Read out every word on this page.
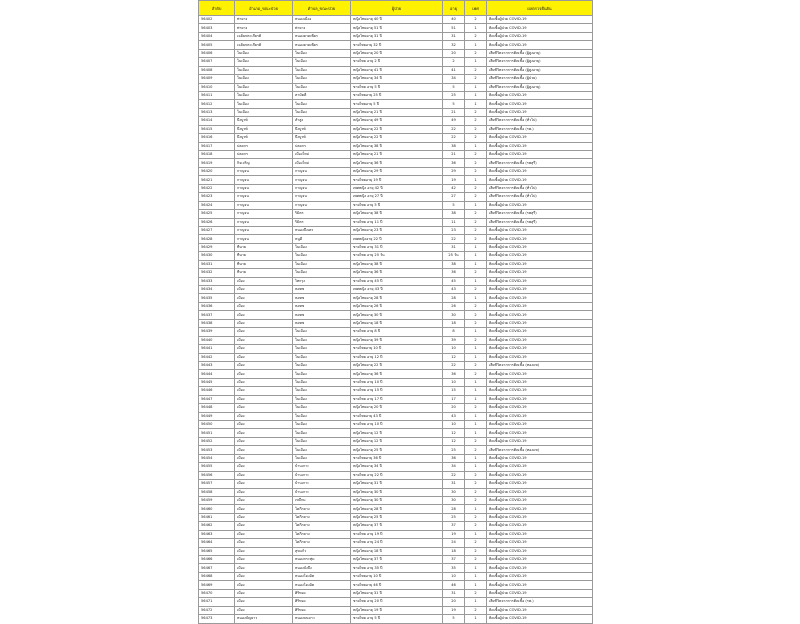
ลำดับ	อำเภอ_ขณะป่วย	ตำบล_ขณะป่วย	ผู้ป่วย	อายุ	เพศ	ผลตรวจยืนยัน
56402	ท่ายาง	หนองเมือง	หญิงไทยอายุ 40 ปี	40	2	ติดเชื้อผู้ป่วย COVID-19
56403	ท่ายาง	ท่ายาง	หญิงไทยอายุ 51 ปี	51	1	ติดเชื้อผู้ป่วย COVID-19
56404	เฉลิมพระเกียรติ	หนองยาดเพียร	หญิงไทยอายุ 31 ปี	31	2	ติดเชื้อผู้ป่วย COVID-19
56405	เฉลิมพระเกียรติ	หนองยาดเพียร	ชายไทยอายุ 32 ปี	32	1	ติดเชื้อผู้ป่วย COVID-19
56406	ในเมือง	ในเมือง	หญิงไทยอายุ 20 ปี	20	2	เสียชีวิตจากการติดเชื้อ (ผู้สูงอายุ)
56407	ในเมือง	ในเมือง	ชายไทย อายุ 2 ปี	2	1	เสียชีวิตจากการติดเชื้อ (ผู้สูงอายุ)
56408	ในเมือง	ในเมือง	หญิงไทยอายุ 41 ปี	41	2	เสียชีวิตจากการติดเชื้อ (ผู้สูงอายุ)
56409	ในเมือง	ในเมือง	หญิงไทยอายุ 34 ปี	34	2	เสียชีวิตจากการติดเชื้อ (ผู้ป่วย)
56410	ในเมือง	ในเมือง	ชายไทย อายุ 5 ปี	5	1	เสียชีวิตจากการติดเชื้อ (ผู้สูงอายุ)
56411	ในเมือง	สามัคคี	ชายไทยอายุ 25 ปี	25	1	ติดเชื้อผู้ป่วย COVID-19
56412	ในเมือง	ในเมือง	ชายไทยอายุ 5 ปี	5	1	ติดเชื้อผู้ป่วย COVID-19
56413	ในเมือง	ในเมือง	หญิงไทยอายุ 21 ปี	21	2	ติดเชื้อผู้ป่วย COVID-19
56414	บึงบูรพ์	สำสูง	หญิงไทยอายุ 49 ปี	49	2	เสียชีวิตจากการติดเชื้อ (ทั่วไป)
56415	บึงบูรพ์	บึงบูรพ์	หญิงไทยอายุ 22 ปี	22	2	เสียชีวิตจากการติดเชื้อ (รพ.)
56416	บึงบูรพ์	บึงบูรพ์	หญิงไทยอายุ 22 ปี	22	2	ติดเชื้อผู้ป่วย COVID-19
56417	ปลดกร	ปลดกร	หญิงไทยอายุ 38 ปี	38	1	ติดเชื้อผู้ป่วย COVID-19
56418	ปลดกร	เมืองใหม่	หญิงไทยอายุ 21 ปี	21	2	ติดเชื้อผู้ป่วย COVID-19
56419	กิจเจริญ	เมืองใหม่	หญิงไทยอายุ 36 ปี	36	2	เสียชีวิตจากการติดเชื้อ (รพสุรี)
56420	กาญจน	กาญจน	หญิงไทยอายุ 29 ปี	29	2	ติดเชื้อผู้ป่วย COVID-19
56421	กาญจน	กาญจน	ชายไทยอายุ 19 ปี	19	1	ติดเชื้อผู้ป่วย COVID-19
56422	กาญจน	กาญจน	เพศหญิง อายุ 42 ปี	42	2	เสียชีวิตจากการติดเชื้อ (ทั่วไป)
56423	กาญจน	กาญจน	เพศหญิง อายุ 27 ปี	27	2	เสียชีวิตจากการติดเชื้อ (ทั่วไป)
56424	กาญจน	กาญจน	ชายไทย อายุ 5 ปี	5	1	ติดเชื้อผู้ป่วย COVID-19
56425	กาญจน	ริมิตร	หญิงไทยอายุ 38 ปี	38	2	เสียชีวิตจากการติดเชื้อ (รพสุรี)
56426	กาญจน	ริมิตร	ชายไทย อายุ 11 ปี	11	2	เสียชีวิตจากการติดเชื้อ (รพสุรี)
56427	กาญจน	หนองบึงเคร	หญิงไทยอายุ 23 ปี	23	2	ติดเชื้อผู้ป่วย COVID-19
56428	กาญจน	หนูดี	เพศหญิงอายุ 22 ปี	22	2	ติดเชื้อผู้ป่วย COVID-19
56429	ทีนาย	ในเมือง	ชายไทย อายุ 31 ปี	31	1	ติดเชื้อผู้ป่วย COVID-19
56430	ทีนาย	ในเมือง	ชายไทย อายุ 25 วัน	25 วัน	1	ติดเชื้อผู้ป่วย COVID-19
56431	ทีนาย	ในเมือง	หญิงไทยอายุ 38 ปี	38	1	ติดเชื้อผู้ป่วย COVID-19
56432	ทีนาย	ในเมือง	หญิงไทยอายุ 36 ปี	36	2	ติดเชื้อผู้ป่วย COVID-19
56433	เมือง	ไทกรุง	ชายไทย อายุ 45 ปี	45	1	ติดเชื้อผู้ป่วย COVID-19
56434	เมือง	หอทข	เพศหญิง อายุ 43 ปี	43	2	ติดเชื้อผู้ป่วย COVID-19
56435	เมือง	หอทข	หญิงไทยอายุ 28 ปี	28	1	ติดเชื้อผู้ป่วย COVID-19
56436	เมือง	หอทข	หญิงไทยอายุ 26 ปี	26	2	ติดเชื้อผู้ป่วย COVID-19
56437	เมือง	หอทข	หญิงไทยอายุ 30 ปี	30	2	ติดเชื้อผู้ป่วย COVID-19
56438	เมือง	หอทข	หญิงไทยอายุ 18 ปี	18	2	ติดเชื้อผู้ป่วย COVID-19
56439	เมือง	ในเมือง	ชายไทย อายุ 8 ปี	8	1	ติดเชื้อผู้ป่วย COVID-19
56440	เมือง	ในเมือง	หญิงไทยอายุ 39 ปี	39	2	ติดเชื้อผู้ป่วย COVID-19
56441	เมือง	ในเมือง	ชายไทยอายุ 10 ปี	10	1	ติดเชื้อผู้ป่วย COVID-19
56442	เมือง	ในเมือง	ชายไทย อายุ 12 ปี	12	1	ติดเชื้อผู้ป่วย COVID-19
56443	เมือง	ในเมือง	หญิงไทยอายุ 22 ปี	22	2	เสียชีวิตจากการติดเชื้อ (ทองแท)
56444	เมือง	ในเมือง	หญิงไทยอายุ 36 ปี	36	2	ติดเชื้อผู้ป่วย COVID-19
56445	เมือง	ในเมือง	ชายไทย อายุ 10 ปี	10	1	ติดเชื้อผู้ป่วย COVID-19
56446	เมือง	ในเมือง	ชายไทย อายุ 15 ปี	15	1	ติดเชื้อผู้ป่วย COVID-19
56447	เมือง	ในเมือง	ชายไทย อายุ 17 ปี	17	1	ติดเชื้อผู้ป่วย COVID-19
56448	เมือง	ในเมือง	หญิงไทยอายุ 20 ปี	20	2	ติดเชื้อผู้ป่วย COVID-19
56449	เมือง	ในเมือง	ชายไทยอายุ 43 ปี	43	1	ติดเชื้อผู้ป่วย COVID-19
56450	เมือง	ในเมือง	ชายไทย อายุ 10 ปี	10	1	ติดเชื้อผู้ป่วย COVID-19
56451	เมือง	ในเมือง	หญิงไทยอายุ 12 ปี	12	1	ติดเชื้อผู้ป่วย COVID-19
56452	เมือง	ในเมือง	หญิงไทยอายุ 12 ปี	12	2	ติดเชื้อผู้ป่วย COVID-19
56453	เมือง	ในเมือง	หญิงไทยอายุ 25 ปี	25	2	เสียชีวิตจากการติดเชื้อ (ทองแท)
56454	เมือง	ในเมือง	ชายไทยอายุ 36 ปี	36	1	ติดเชื้อผู้ป่วย COVID-19
56455	เมือง	บ้านเกาะ	หญิงไทยอายุ 34 ปี	34	1	ติดเชื้อผู้ป่วย COVID-19
56456	เมือง	บ้านเกาะ	ชายไทย อายุ 22 ปี	22	2	ติดเชื้อผู้ป่วย COVID-19
56457	เมือง	บ้านเกาะ	หญิงไทยอายุ 31 ปี	31	2	ติดเชื้อผู้ป่วย COVID-19
56458	เมือง	บ้านเกาะ	หญิงไทยอายุ 30 ปี	30	2	ติดเชื้อผู้ป่วย COVID-19
56459	เมือง	เขบึกม	หญิงไทยอายุ 30 ปี	30	2	ติดเชื้อผู้ป่วย COVID-19
56460	เมือง	โคกีกลาง	หญิงไทยอายุ 28 ปี	28	1	ติดเชื้อผู้ป่วย COVID-19
56461	เมือง	โคกีกลาง	หญิงไทยอายุ 25 ปี	25	2	ติดเชื้อผู้ป่วย COVID-19
56462	เมือง	โคกีกลาง	หญิงไทยอายุ 37 ปี	37	2	ติดเชื้อผู้ป่วย COVID-19
56463	เมือง	โคกีกลาง	ชายไทย อายุ 19 ปี	19	1	ติดเชื้อผู้ป่วย COVID-19
56464	เมือง	โคกีกลาง	ชายไทย อายุ 24 ปี	24	2	ติดเชื้อผู้ป่วย COVID-19
56465	เมือง	สุขแก้ว	หญิงไทยอายุ 18 ปี	18	2	ติดเชื้อผู้ป่วย COVID-19
56466	เมือง	หนองกระทุ่ม	หญิงไทยอายุ 37 ปี	37	2	ติดเชื้อผู้ป่วย COVID-19
56467	เมือง	หนองบังบึง	ชายไทย อายุ 35 ปี	35	1	ติดเชื้อผู้ป่วย COVID-19
56468	เมือง	หนองโดงอิต	ชายไทยอายุ 10 ปี	10	1	ติดเชื้อผู้ป่วย COVID-19
56469	เมือง	หนองโดงอิต	ชายไทยอายุ 46 ปี	46	1	ติดเชื้อผู้ป่วย COVID-19
56470	เมือง	ศิริทอง	หญิงไทยอายุ 31 ปี	31	2	ติดเชื้อผู้ป่วย COVID-19
56471	เมือง	ศิริทอง	ชายไทย อายุ 20 ปี	20	1	เสียชีวิตจากการติดเชื้อ (รพ.)
56472	เมือง	ศิริทอง	หญิงไทยอายุ 19 ปี	19	2	ติดเชื้อผู้ป่วย COVID-19
56473	หนองบัญยาว	หนองบนยาว	ชายไทย อายุ 5 ปี	5	1	ติดเชื้อผู้ป่วย COVID-19
